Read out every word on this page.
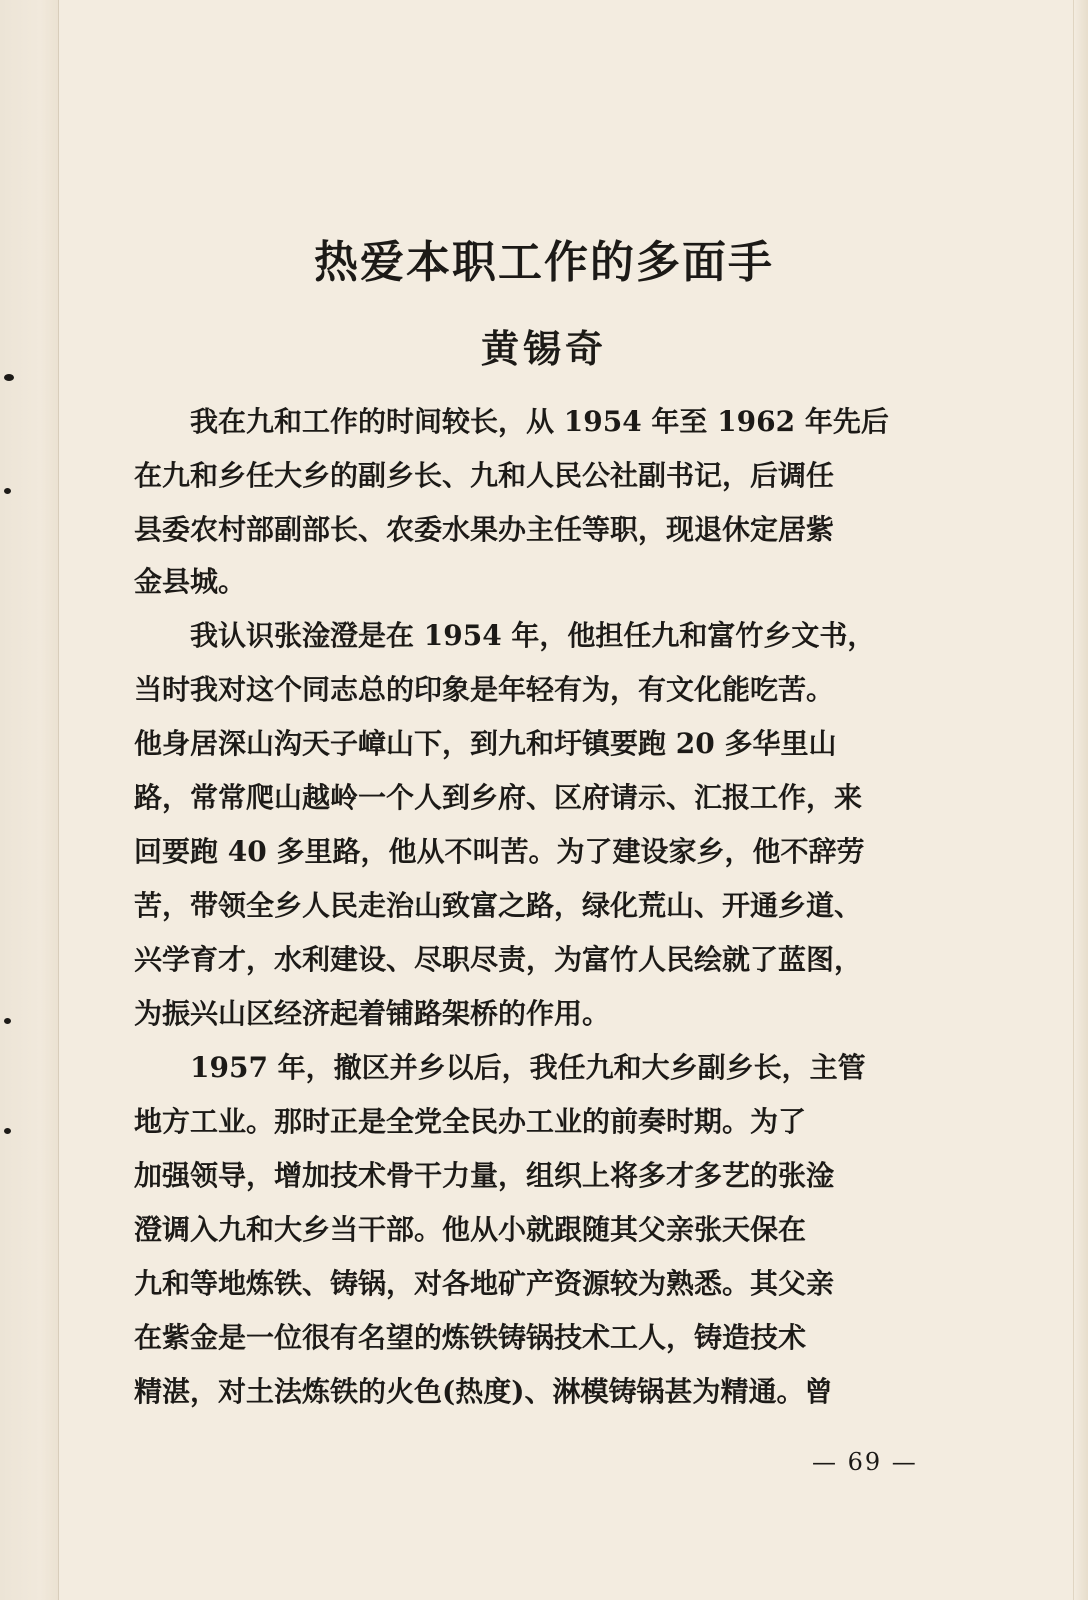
热爱本职工作的多面手
黄锡奇
　　我在九和工作的时间较长，从 1954 年至 1962 年先后
在九和乡任大乡的副乡长、九和人民公社副书记，后调任
县委农村部副部长、农委水果办主任等职，现退休定居紫
金县城。
　　我认识张淦澄是在 1954 年，他担任九和富竹乡文书，
当时我对这个同志总的印象是年轻有为，有文化能吃苦。
他身居深山沟天子嶂山下，到九和圩镇要跑 20 多华里山
路，常常爬山越岭一个人到乡府、区府请示、汇报工作，来
回要跑 40 多里路，他从不叫苦。为了建设家乡，他不辞劳
苦，带领全乡人民走治山致富之路，绿化荒山、开通乡道、
兴学育才，水利建设、尽职尽责，为富竹人民绘就了蓝图，
为振兴山区经济起着铺路架桥的作用。
　　1957 年，撤区并乡以后，我任九和大乡副乡长，主管
地方工业。那时正是全党全民办工业的前奏时期。为了
加强领导，增加技术骨干力量，组织上将多才多艺的张淦
澄调入九和大乡当干部。他从小就跟随其父亲张天保在
九和等地炼铁、铸锅，对各地矿产资源较为熟悉。其父亲
在紫金是一位很有名望的炼铁铸锅技术工人，铸造技术
精湛，对土法炼铁的火色(热度)、淋模铸锅甚为精通。曾
— 69 —
